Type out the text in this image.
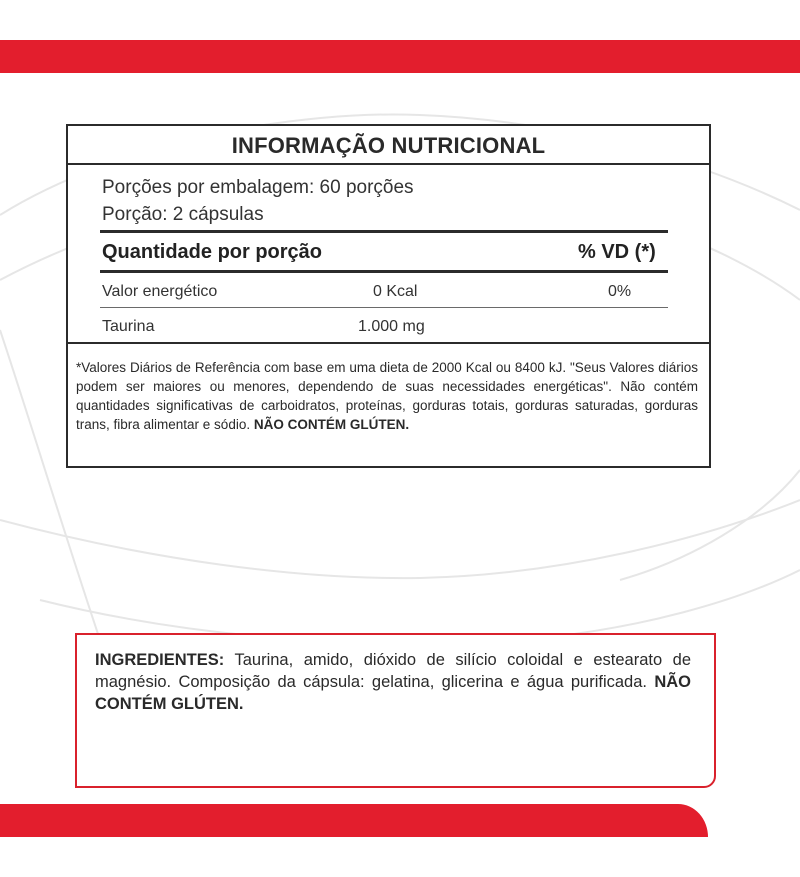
INFORMAÇÃO NUTRICIONAL
Porções por embalagem: 60 porções
Porção: 2 cápsulas
Quantidade por porção	% VD (*)
Valor energético	0 Kcal	0%
Taurina	1.000 mg
*Valores Diários de Referência com base em uma dieta de 2000 Kcal ou 8400 kJ. "Seus Valores diários podem ser maiores ou menores, dependendo de suas necessidades energéticas". Não contém quantidades significativas de carboidratos, proteínas, gorduras totais, gorduras saturadas, gorduras trans, fibra alimentar e sódio. NÃO CONTÉM GLÚTEN.
INGREDIENTES: Taurina, amido, dióxido de silício coloidal e estearato de magnésio. Composição da cápsula: gelatina, glicerina e água purificada. NÃO CONTÉM GLÚTEN.
